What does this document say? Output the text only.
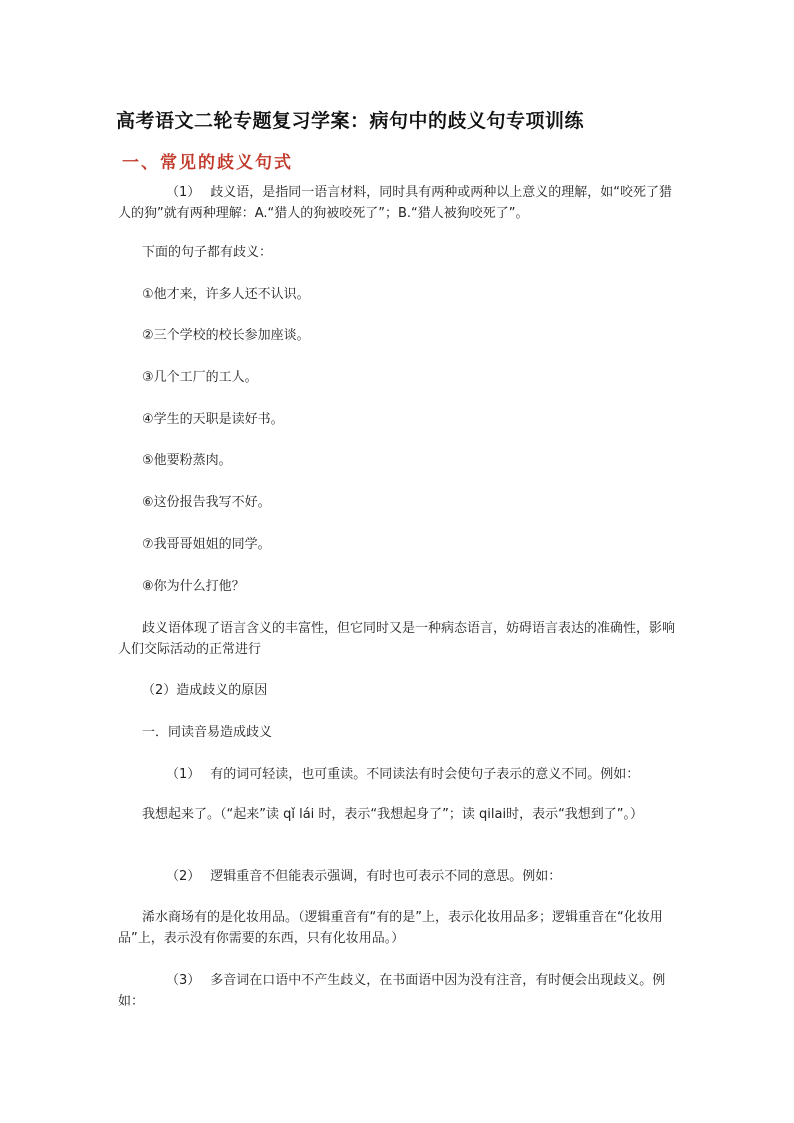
高考语文二轮专题复习学案：病句中的歧义句专项训练
一、常见的歧义句式
（1） 歧义语，是指同一语言材料，同时具有两种或两种以上意义的理解，如“咬死了猎人的狗”就有两种理解：A.“猎人的狗被咬死了”；B.“猎人被狗咬死了”。
下面的句子都有歧义：
①他才来，许多人还不认识。
②三个学校的校长参加座谈。
③几个工厂的工人。
④学生的天职是读好书。
⑤他要粉蒸肉。
⑥这份报告我写不好。
⑦我哥哥姐姐的同学。
⑧你为什么打他？
歧义语体现了语言含义的丰富性，但它同时又是一种病态语言，妨碍语言表达的准确性，影响人们交际活动的正常进行
（2）造成歧义的原因
一．同读音易造成歧义
（1） 有的词可轻读，也可重读。不同读法有时会使句子表示的意义不同。例如：
我想起来了。（“起来”读 qǐ lái 时，表示“我想起身了”；读 qilai时，表示“我想到了”。）
（2） 逻辑重音不但能表示强调，有时也可表示不同的意思。例如：
浠水商场有的是化妆用品。（逻辑重音有“有的是”上，表示化妆用品多；逻辑重音在“化妆用品”上，表示没有你需要的东西，只有化妆用品。）
（3） 多音词在口语中不产生歧义，在书面语中因为没有注音，有时便会出现歧义。例如：
